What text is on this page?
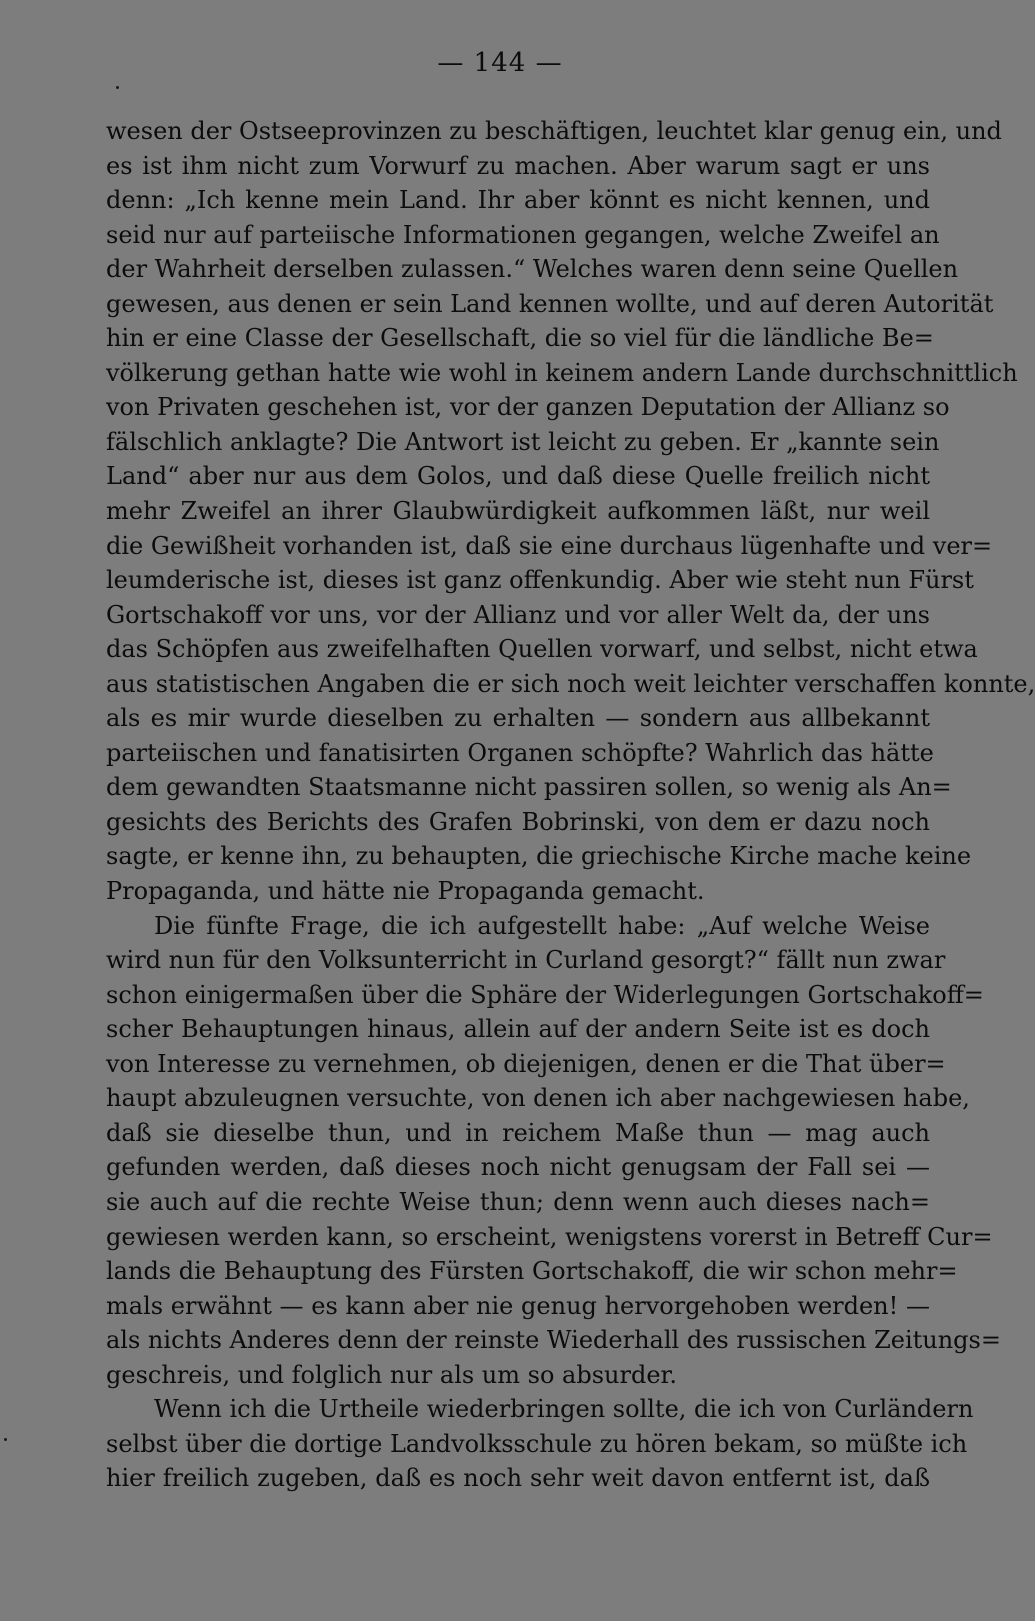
— 144 —
wesen der Ostseeprovinzen zu beschäftigen, leuchtet klar genug ein, und
es ist ihm nicht zum Vorwurf zu machen. Aber warum sagt er uns
denn: „Ich kenne mein Land. Ihr aber könnt es nicht kennen, und
seid nur auf parteiische Informationen gegangen, welche Zweifel an
der Wahrheit derselben zulassen.“ Welches waren denn seine Quellen
gewesen, aus denen er sein Land kennen wollte, und auf deren Autorität
hin er eine Classe der Gesellschaft, die so viel für die ländliche Be=
völkerung gethan hatte wie wohl in keinem andern Lande durchschnittlich
von Privaten geschehen ist, vor der ganzen Deputation der Allianz so
fälschlich anklagte? Die Antwort ist leicht zu geben. Er „kannte sein
Land“ aber nur aus dem Golos, und daß diese Quelle freilich nicht
mehr Zweifel an ihrer Glaubwürdigkeit aufkommen läßt, nur weil
die Gewißheit vorhanden ist, daß sie eine durchaus lügenhafte und ver=
leumderische ist, dieses ist ganz offenkundig. Aber wie steht nun Fürst
Gortschakoff vor uns, vor der Allianz und vor aller Welt da, der uns
das Schöpfen aus zweifelhaften Quellen vorwarf, und selbst, nicht etwa
aus statistischen Angaben die er sich noch weit leichter verschaffen konnte,
als es mir wurde dieselben zu erhalten — sondern aus allbekannt
parteiischen und fanatisirten Organen schöpfte? Wahrlich das hätte
dem gewandten Staatsmanne nicht passiren sollen, so wenig als An=
gesichts des Berichts des Grafen Bobrinski, von dem er dazu noch
sagte, er kenne ihn, zu behaupten, die griechische Kirche mache keine
Propaganda, und hätte nie Propaganda gemacht.
Die fünfte Frage, die ich aufgestellt habe: „Auf welche Weise
wird nun für den Volksunterricht in Curland gesorgt?“ fällt nun zwar
schon einigermaßen über die Sphäre der Widerlegungen Gortschakoff=
scher Behauptungen hinaus, allein auf der andern Seite ist es doch
von Interesse zu vernehmen, ob diejenigen, denen er die That über=
haupt abzuleugnen versuchte, von denen ich aber nachgewiesen habe,
daß sie dieselbe thun, und in reichem Maße thun — mag auch
gefunden werden, daß dieses noch nicht genugsam der Fall sei —
sie auch auf die rechte Weise thun; denn wenn auch dieses nach=
gewiesen werden kann, so erscheint, wenigstens vorerst in Betreff Cur=
lands die Behauptung des Fürsten Gortschakoff, die wir schon mehr=
mals erwähnt — es kann aber nie genug hervorgehoben werden! —
als nichts Anderes denn der reinste Wiederhall des russischen Zeitungs=
geschreis, und folglich nur als um so absurder.
Wenn ich die Urtheile wiederbringen sollte, die ich von Curländern
selbst über die dortige Landvolksschule zu hören bekam, so müßte ich
hier freilich zugeben, daß es noch sehr weit davon entfernt ist, daß
